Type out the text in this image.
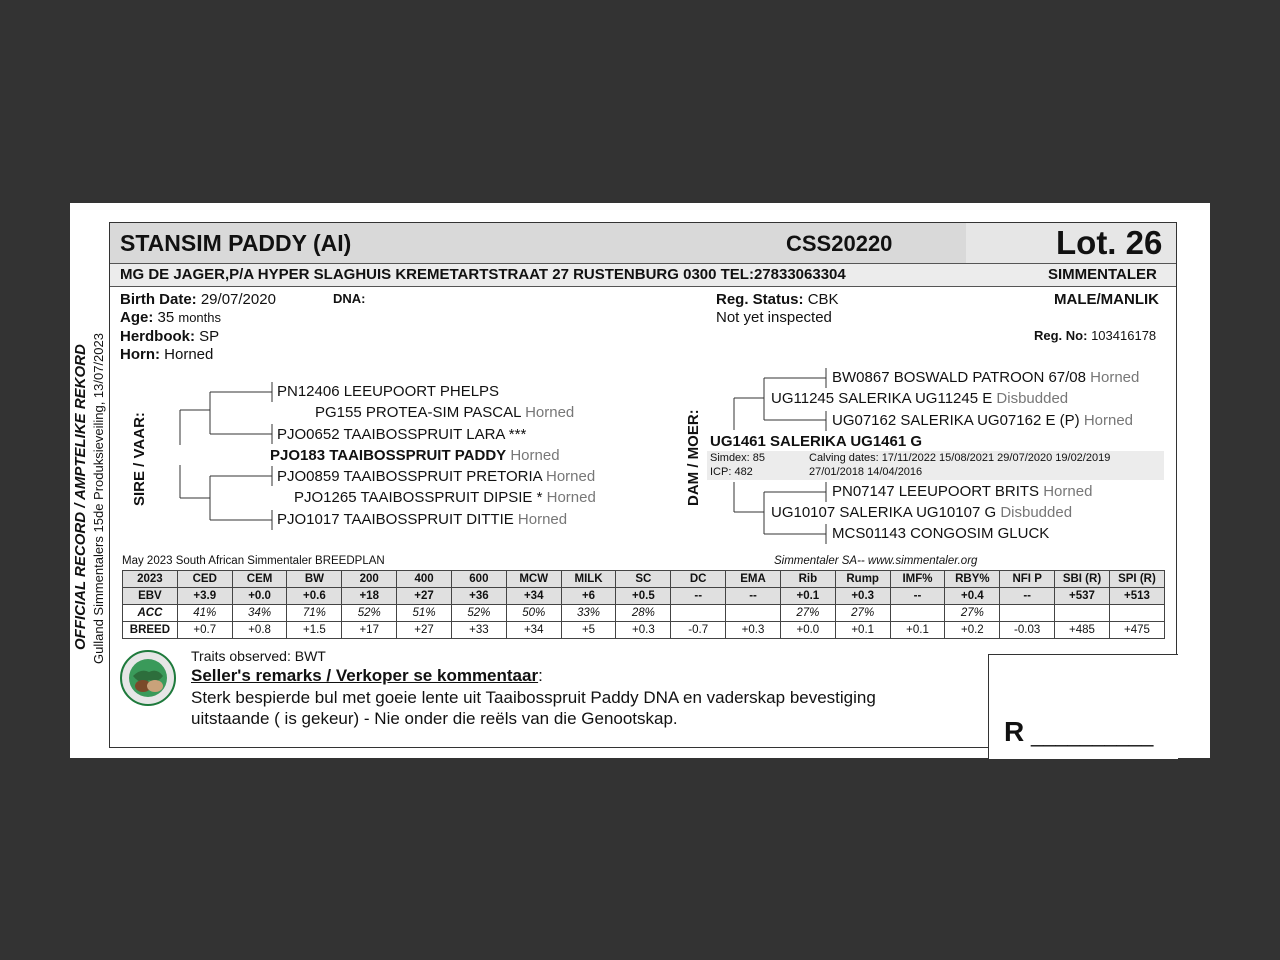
STANSIM PADDY (AI)	CSS20220	Lot. 26
MG DE JAGER,P/A HYPER SLAGHUIS KREMETARTSTRAAT 27 RUSTENBURG 0300 TEL:27833063304	SIMMENTALER
OFFICIAL RECORD / AMPTELIKE REKORD Gulland Simmentalers 15de Produksieveiling, 13/07/2023
Birth Date: 29/07/2020	DNA:
Age: 35 months
Herdbook: SP
Horn: Horned
Reg. Status: CBK
Not yet inspected
MALE/MANLIK
Reg. No: 103416178
SIRE / VAAR:
PN12406 LEEUPOORT PHELPS
PG155 PROTEA-SIM PASCAL Horned
PJO0652 TAAIBOSSPRUIT LARA ***
PJO183 TAAIBOSSPRUIT PADDY Horned
PJO0859 TAAIBOSSPRUIT PRETORIA Horned
PJO1265 TAAIBOSSPRUIT DIPSIE * Horned
PJO1017 TAAIBOSSPRUIT DITTIE Horned
DAM / MOER:
BW0867 BOSWALD PATROON 67/08 Horned
UG11245 SALERIKA UG11245 E Disbudded
UG07162 SALERIKA UG07162 E (P) Horned
UG1461 SALERIKA UG1461 G
Simdex: 85
ICP: 482
Calving dates: 17/11/2022 15/08/2021 29/07/2020 19/02/2019
27/01/2018 14/04/2016
PN07147 LEEUPOORT BRITS Horned
UG10107 SALERIKA UG10107 G Disbudded
MCS01143 CONGOSIM GLUCK
May 2023 South African Simmentaler BREEDPLAN	Simmentaler SA-- www.simmentaler.org
2023	CED	CEM	BW	200	400	600	MCW	MILK	SC	DC	EMA	Rib	Rump	IMF%	RBY%	NFI P	SBI (R)	SPI (R)
EBV	+3.9	+0.0	+0.6	+18	+27	+36	+34	+6	+0.5	--	--	+0.1	+0.3	--	+0.4	--	+537	+513
ACC	41%	34%	71%	52%	51%	52%	50%	33%	28%			27%	27%		27%			
BREED	+0.7	+0.8	+1.5	+17	+27	+33	+34	+5	+0.3	-0.7	+0.3	+0.0	+0.1	+0.1	+0.2	-0.03	+485	+475
Traits observed: BWT
Seller's remarks / Verkoper se kommentaar:
Sterk bespierde bul met goeie lente uit Taaibosspruit Paddy DNA en vaderskap bevestiging
uitstaande ( is gekeur) - Nie onder die reëls van die Genootskap.	R __________
